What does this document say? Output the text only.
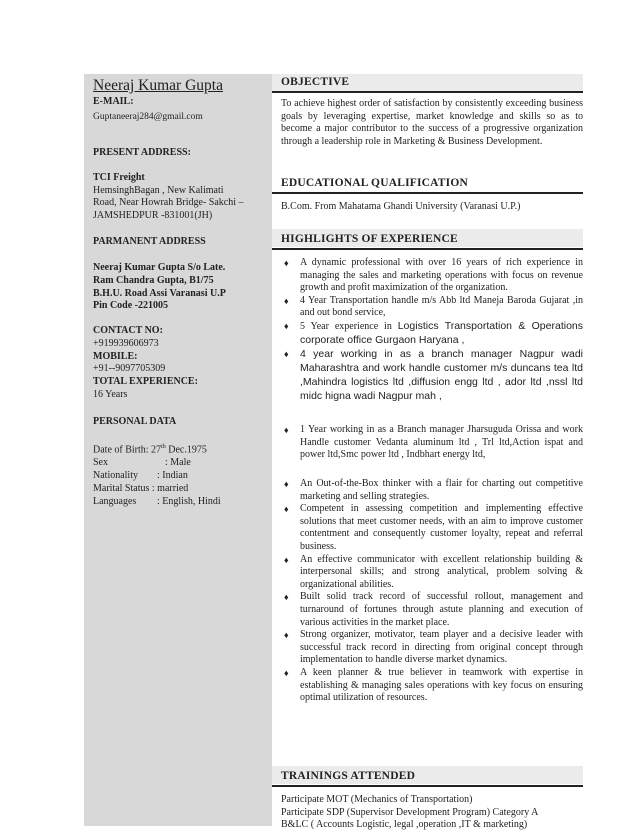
Neeraj Kumar Gupta
E-MAIL:
Guptaneeraj284@gmail.com
PRESENT ADDRESS:
TCI Freight
HemsinghBagan , New Kalimati
Road, Near Howrah Bridge- Sakchi –
JAMSHEDPUR -831001(JH)
PARMANENT ADDRESS
Neeraj Kumar Gupta S/o Late.
Ram Chandra Gupta, B1/75
B.H.U. Road Assi Varanasi U.P
Pin Code -221005
CONTACT NO:
+919939606973
MOBILE:
+91--9097705309
TOTAL EXPERIENCE:
16 Years
PERSONAL DATA
Date of Birth: 27th Dec.1975
Sex	: Male
Nationality	: Indian
Marital Status : married
Languages	: English, Hindi
OBJECTIVE
To achieve highest order of satisfaction by consistently exceeding business goals by leveraging expertise, market knowledge and skills so as to become a major contributor to the success of a progressive organization through a leadership role in Marketing & Business Development.
EDUCATIONAL QUALIFICATION
B.Com. From Mahatama Ghandi University (Varanasi U.P.)
HIGHLIGHTS OF EXPERIENCE
♦ A dynamic professional with over 16 years of rich experience in managing the sales and marketing operations with focus on revenue growth and profit maximization of the organization.
♦ 4 Year Transportation handle m/s Abb ltd Maneja Baroda Gujarat ,in and out bond service,
♦ 5 Year experience in Logistics Transportation & Operations corporate office Gurgaon Haryana ,
♦ 4 year working in as a branch manager Nagpur wadi Maharashtra and work handle customer m/s duncans tea ltd ,Mahindra logistics ltd ,diffusion engg ltd , ador ltd ,nssl ltd midc higna wadi Nagpur mah ,
♦ 1 Year working in as a Branch manager Jharsuguda Orissa and work Handle customer Vedanta aluminum ltd , Trl ltd,Action ispat and power ltd,Smc power ltd , Indbhart energy ltd,
♦ An Out-of-the-Box thinker with a flair for charting out competitive marketing and selling strategies.
♦ Competent in assessing competition and implementing effective solutions that meet customer needs, with an aim to improve customer contentment and consequently customer loyalty, repeat and referral business.
♦ An effective communicator with excellent relationship building & interpersonal skills; and strong analytical, problem solving & organizational abilities.
♦ Built solid track record of successful rollout, management and turnaround of fortunes through astute planning and execution of various activities in the market place.
♦ Strong organizer, motivator, team player and a decisive leader with successful track record in directing from original concept through implementation to handle diverse market dynamics.
♦ A keen planner & true believer in teamwork with expertise in establishing & managing sales operations with key focus on ensuring optimal utilization of resources.
TRAININGS ATTENDED
Participate MOT (Mechanics of Transportation)
Participate SDP (Supervisor Development Program) Category A
B&LC ( Accounts Logistic, legal ,operation ,IT & marketing)
